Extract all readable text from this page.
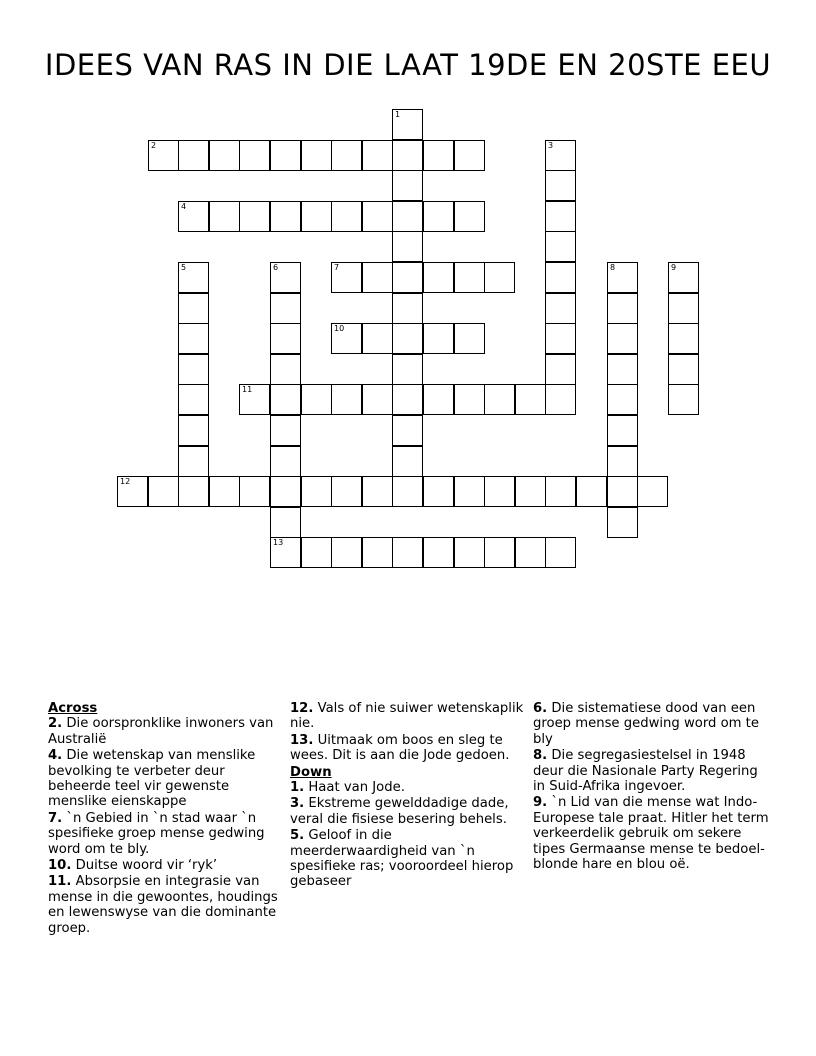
IDEES VAN RAS IN DIE LAAT 19DE EN 20STE EEU
1
2	3
4
5	6
13
7	8	9
10
11
12
Across
2. Die oorspronklike inwoners van Australië
4. Die wetenskap van menslike bevolking te verbeter deur beheerde teel vir gewenste menslike eienskappe
7. `n Gebied in `n stad waar `n spesifieke groep mense gedwing word om te bly.
10. Duitse woord vir ‘ryk’
11. Absorpsie en integrasie van mense in die gewoontes, houdings en lewenswyse van die dominante groep.
12. Vals of nie suiwer wetenskaplik nie.
13. Uitmaak om boos en sleg te wees. Dit is aan die Jode gedoen.
Down
1. Haat van Jode.
3. Ekstreme gewelddadige dade, veral die fisiese besering behels.
5. Geloof in die meerderwaardigheid van `n spesifieke ras; vooroordeel hierop gebaseer
6. Die sistematiese dood van een groep mense gedwing word om te bly
8. Die segregasiestelsel in 1948 deur die Nasionale Party Regering in Suid-Afrika ingevoer.
9. `n Lid van die mense wat Indo-Europese tale praat. Hitler het term verkeerdelik gebruik om sekere tipes Germaanse mense te bedoel- blonde hare en blou oë.
